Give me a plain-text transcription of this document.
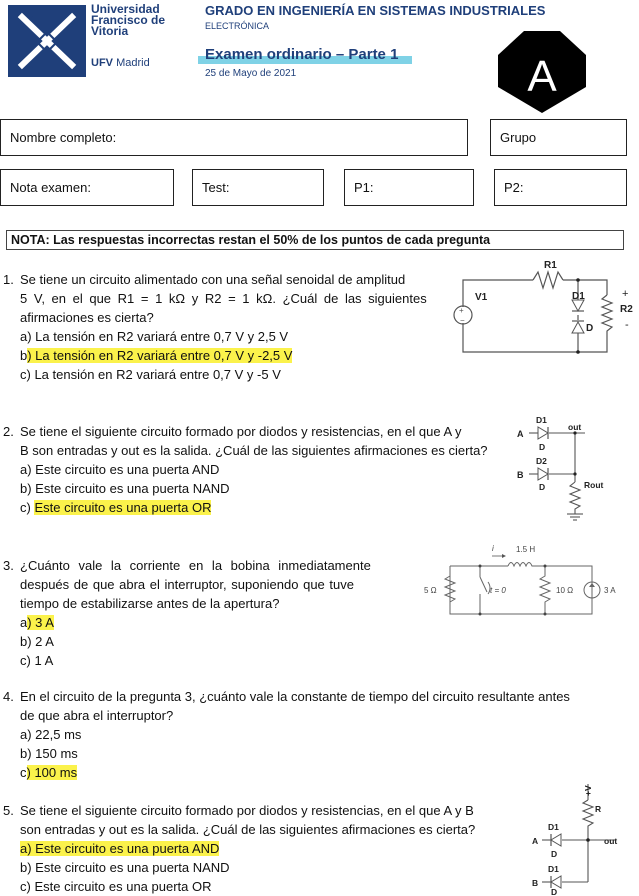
Universidad
Francisco de
Vitoria
UFV Madrid
GRADO EN INGENIERÍA EN SISTEMAS INDUSTRIALES
ELECTRÓNICA
Examen ordinario – Parte 1
25 de Mayo de 2021	A
Nombre completo:	Grupo
Nota examen:	Test:	P1:	P2:
NOTA: Las respuestas incorrectas restan el 50% de los puntos de cada pregunta
1. Se tiene un circuito alimentado con una señal senoidal de amplitud

5 V, en el que R1 = 1 kΩ y R2 = 1 kΩ. ¿Cuál de las siguientes

afirmaciones es cierta?

a) La tensión en R2 variará entre 0,7 V y 2,5 V

b) La tensión en R2 variará entre 0,7 V y -2,5 V

c) La tensión en R2 variará entre 0,7 V y -5 V

R1
V1	D1
D
+
R2
-
+
−
2. Se tiene el siguiente circuito formado por diodos y resistencias, en el que A y

B son entradas y out es la salida. ¿Cuál de las siguientes afirmaciones es cierta?

a) Este circuito es una puerta AND

b) Este circuito es una puerta NAND

c) Este circuito es una puerta OR

A
B
D1
D
D2
D
out
Rout
3. ¿Cuánto vale la corriente en la bobina inmediatamente

después de que abra el interruptor, suponiendo que tuve

tiempo de estabilizarse antes de la apertura?

a) 3 A

b) 2 A

c) 1 A

i	1.5 H
5 Ω	t = 0	10 Ω	3 A
4. En el circuito de la pregunta 3, ¿cuánto vale la constante de tiempo del circuito resultante antes

de que abra el interruptor?

a) 22,5 ms

b) 150 ms

c) 100 ms

5. Se tiene el siguiente circuito formado por diodos y resistencias, en el que A y B

son entradas y out es la salida. ¿Cuál de las siguientes afirmaciones es cierta?

a) Este circuito es una puerta AND

b) Este circuito es una puerta NAND

c) Este circuito es una puerta OR

+V
R
A
B
D1
D
D1
D
out
